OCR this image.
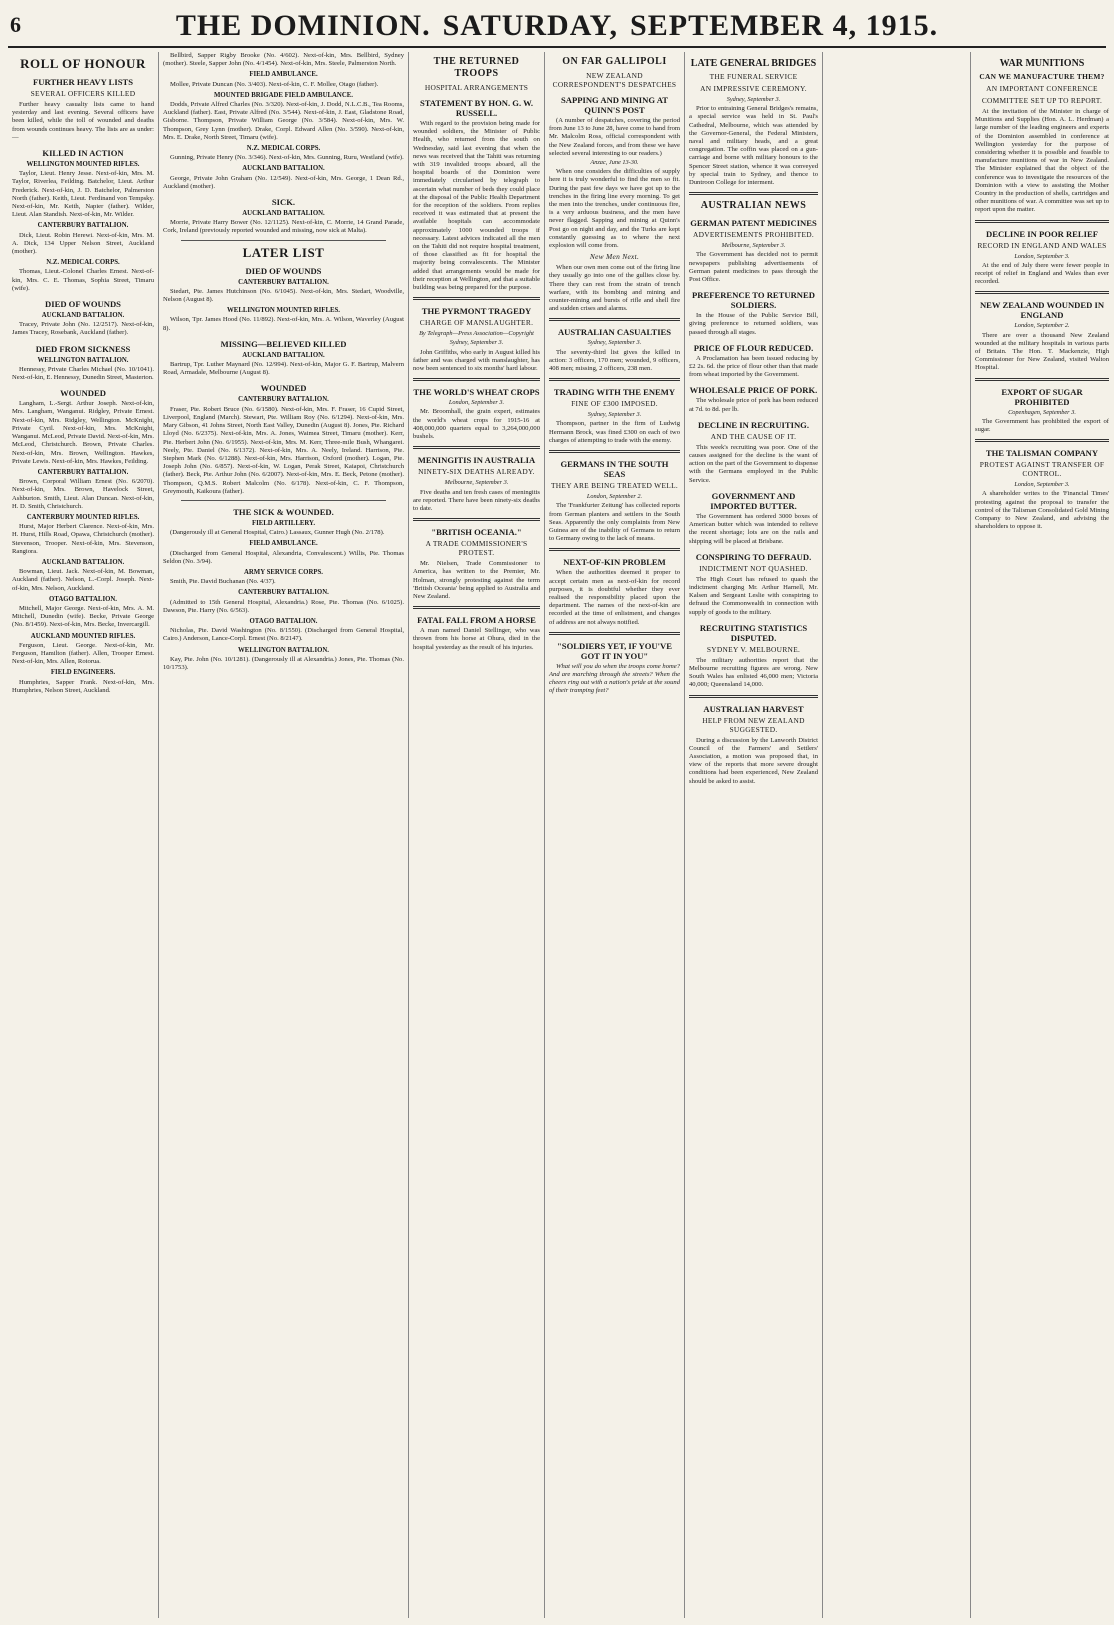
6	THE DOMINION. SATURDAY, SEPTEMBER 4, 1915.
ROLL OF HONOUR
FURTHER HEAVY LISTS
SEVERAL OFFICERS KILLED

Further heavy casualty lists came to hand yesterday and last evening. Several officers have been killed, while the toll of wounded and deaths from wounds continues heavy. The lists are as under:—

KILLED IN ACTION
WELLINGTON MOUNTED RIFLES.

Taylor, Lieut. Henry Jesse. Next-of-kin, Mrs. M. Taylor, Riverlea, Feilding. Batchelor, Lieut. Arthur Frederick. Next-of-kin, J. D. Batchelor, Palmerston North (father). Keith, Lieut. Ferdinand von Tempsky. Next-of-kin, Mr. Keith, Napier (father). Wilder, Lieut. Alan Standish. Next-of-kin, Mr. Wilder.

CANTERBURY BATTALION.

Dick, Lieut. Robin Herewi. Next-of-kin, Mrs. M. A. Dick, 134 Upper Nelson Street, Auckland (mother).

N.Z. MEDICAL CORPS.

Thomas, Lieut.-Colonel Charles Ernest. Next-of-kin, Mrs. C. E. Thomas, Sophia Street, Timaru (wife).

DIED OF WOUNDS
AUCKLAND BATTALION.

Tracey, Private John (No. 12/2517). Next-of-kin, James Tracey, Rosebank, Auckland (father).

DIED FROM SICKNESS
WELLINGTON BATTALION.

Hennessy, Private Charles Michael (No. 10/1041). Next-of-kin, E. Hennessy, Dunedin Street, Masterton.

WOUNDED

Langham, L.-Sergt. Arthur Joseph. Next-of-kin, Mrs. Langham, Wanganui. Ridgley, Private Ernest. Next-of-kin, Mrs. Ridgley, Wellington. McKnight, Private Cyril. Next-of-kin, Mrs. McKnight, Wanganui. McLeod, Private David. Next-of-kin, Mrs. McLeod, Christchurch. Brown, Private Charles. Next-of-kin, Mrs. Brown, Wellington. Hawkes, Private Lewis. Next-of-kin, Mrs. Hawkes, Feilding.

CANTERBURY BATTALION.

Brown, Corporal William Ernest (No. 6/2070). Next-of-kin, Mrs. Brown, Havelock Street, Ashburton. Smith, Lieut. Alan Duncan. Next-of-kin, H. D. Smith, Christchurch.

CANTERBURY MOUNTED RIFLES.

Hurst, Major Herbert Clarence. Next-of-kin, Mrs. H. Hurst, Hills Road, Opawa, Christchurch (mother). Stevenson, Trooper. Next-of-kin, Mrs. Stevenson, Rangiora.

AUCKLAND BATTALION.

Bowman, Lieut. Jack. Next-of-kin, M. Bowman, Auckland (father). Nelson, L.-Corpl. Joseph. Next-of-kin, Mrs. Nelson, Auckland.

OTAGO BATTALION.

Mitchell, Major George. Next-of-kin, Mrs. A. M. Mitchell, Dunedin (wife). Becke, Private George (No. 8/1459). Next-of-kin, Mrs. Becke, Invercargill.

AUCKLAND MOUNTED RIFLES.

Ferguson, Lieut. George. Next-of-kin, Mr. Ferguson, Hamilton (father). Allen, Trooper Ernest. Next-of-kin, Mrs. Allen, Rotorua.

FIELD ENGINEERS.

Humphries, Sapper Frank. Next-of-kin, Mrs. Humphries, Nelson Street, Auckland.

Bellbird, Sapper Rigby Brooke (No. 4/602). Next-of-kin, Mrs. Bellbird, Sydney (mother). Steele, Sapper John (No. 4/1454). Next-of-kin, Mrs. Steele, Palmerston North.

FIELD AMBULANCE.

Mollee, Private Duncan (No. 3/403). Next-of-kin, C. F. Mollee, Otago (father).

MOUNTED BRIGADE FIELD AMBULANCE.

Dodds, Private Alfred Charles (No. 3/320). Next-of-kin, J. Dodd, N.L.C.B., Tea Rooms, Auckland (father). East, Private Alfred (No. 3/544). Next-of-kin, J. East, Gladstone Road, Gisborne. Thompson, Private William George (No. 3/584). Next-of-kin, Mrs. W. Thompson, Grey Lynn (mother). Drake, Corpl. Edward Allen (No. 3/590). Next-of-kin, Mrs. E. Drake, North Street, Timaru (wife).

N.Z. MEDICAL CORPS.

Gunning, Private Henry (No. 3/346). Next-of-kin, Mrs. Gunning, Ruru, Westland (wife).

AUCKLAND BATTALION.

George, Private John Graham (No. 12/549). Next-of-kin, Mrs. George, 1 Dean Rd., Auckland (mother).

SICK.
AUCKLAND BATTALION.

Morrie, Private Harry Bower (No. 12/1125). Next-of-kin, C. Morrie, 14 Grand Parade, Cork, Ireland (previously reported wounded and missing, now sick at Malta).

LATER LIST
DIED OF WOUNDS
CANTERBURY BATTALION.

Stedart, Pte. James Hutchinson (No. 6/1045). Next-of-kin, Mrs. Stedart, Woodville, Nelson (August 8).

WELLINGTON MOUNTED RIFLES.

Wilson, Tpr. James Hood (No. 11/892). Next-of-kin, Mrs. A. Wilson, Waverley (August 8).

MISSING—BELIEVED KILLED
AUCKLAND BATTALION.

Bartrup, Tpr. Luther Maynard (No. 12/994). Next-of-kin, Major G. F. Bartrup, Malvern Road, Armadale, Melbourne (August 8).

WOUNDED
CANTERBURY BATTALION.

Fraser, Pte. Robert Bruce (No. 6/1580). Next-of-kin, Mrs. F. Fraser, 16 Cupid Street, Liverpool, England (March). Stewart, Pte. William Roy (No. 6/1294). Next-of-kin, Mrs. Mary Gibson, 41 Johns Street, North East Valley, Dunedin (August 8). Jones, Pte. Richard Lloyd (No. 6/2375). Next-of-kin, Mrs. A. Jones, Waimea Street, Timaru (mother). Kerr, Pte. Herbert John (No. 6/1955). Next-of-kin, Mrs. M. Kerr, Three-mile Bush, Whangarei. Neely, Pte. Daniel (No. 6/1372). Next-of-kin, Mrs. A. Neely, Ireland. Harrison, Pte. Stephen Mark (No. 6/1288). Next-of-kin, Mrs. Harrison, Oxford (mother). Logan, Pte. Joseph John (No. 6/857). Next-of-kin, W. Logan, Perak Street, Kaiapoi, Christchurch (father). Beck, Pte. Arthur John (No. 6/2007). Next-of-kin, Mrs. E. Beck, Petone (mother). Thompson, Q.M.S. Robert Malcolm (No. 6/178). Next-of-kin, C. F. Thompson, Greymouth, Kaikoura (father).

THE SICK & WOUNDED.
FIELD ARTILLERY.

(Dangerously ill at General Hospital, Cairo.) Lassaux, Gunner Hugh (No. 2/178).

FIELD AMBULANCE.

(Discharged from General Hospital, Alexandria, Convalescent.) Willis, Pte. Thomas Seldon (No. 3/94).

ARMY SERVICE CORPS.

Smith, Pte. David Buchanan (No. 4/37).

CANTERBURY BATTALION.

(Admitted to 15th General Hospital, Alexandria.) Rose, Pte. Thomas (No. 6/1025). Dawson, Pte. Harry (No. 6/563).

OTAGO BATTALION.

Nicholas, Pte. David Washington (No. 8/1550). (Discharged from General Hospital, Cairo.) Anderson, Lance-Corpl. Ernest (No. 8/2147).

WELLINGTON BATTALION.

Kay, Pte. John (No. 10/1281). (Dangerously ill at Alexandria.) Jones, Pte. Thomas (No. 10/1753).

THE RETURNED TROOPS
HOSPITAL ARRANGEMENTS
STATEMENT BY HON. G. W. RUSSELL.

With regard to the provision being made for wounded soldiers, the Minister of Public Health, who returned from the south on Wednesday, said last evening that when the news was received that the Tahiti was returning with 319 invalided troops aboard, all the hospital boards of the Dominion were immediately circularised by telegraph to ascertain what number of beds they could place at the disposal of the Public Health Department for the reception of the soldiers. From replies received it was estimated that at present the available hospitals can accommodate approximately 1000 wounded troops if necessary. Latest advices indicated all the men on the Tahiti did not require hospital treatment, of those classified as fit for hospital the majority being convalescents. The Minister added that arrangements would be made for their reception at Wellington, and that a suitable building was being prepared for the purpose.

THE PYRMONT TRAGEDY
CHARGE OF MANSLAUGHTER.
By Telegraph—Press Association—Copyright
Sydney, September 3.

John Griffiths, who early in August killed his father and was charged with manslaughter, has now been sentenced to six months' hard labour.

THE WORLD'S WHEAT CROPS
London, September 3.

Mr. Broomhall, the grain expert, estimates the world's wheat crops for 1915-16 at 408,000,000 quarters equal to 3,264,000,000 bushels.

MENINGITIS IN AUSTRALIA
NINETY-SIX DEATHS ALREADY.
Melbourne, September 3.

Five deaths and ten fresh cases of meningitis are reported. There have been ninety-six deaths to date.

"BRITISH OCEANIA."
A TRADE COMMISSIONER'S PROTEST.

Mr. Nielsen, Trade Commissioner to America, has written to the Premier, Mr. Holman, strongly protesting against the term 'British Oceania' being applied to Australia and New Zealand.

FATAL FALL FROM A HORSE

A man named Daniel Stellinger, who was thrown from his horse at Ohura, died in the hospital yesterday as the result of his injuries.

ON FAR GALLIPOLI
NEW ZEALAND CORRESPONDENT'S DESPATCHES
SAPPING AND MINING AT QUINN'S POST

(A number of despatches, covering the period from June 13 to June 28, have come to hand from Mr. Malcolm Ross, official correspondent with the New Zealand forces, and from these we have selected several interesting to our readers.)

Anzac, June 13-30.

When one considers the difficulties of supply here it is truly wonderful to find the men so fit. During the past few days we have got up to the trenches in the firing line every morning. To get the men into the trenches, under continuous fire, is a very arduous business, and the men have never flagged. Sapping and mining at Quinn's Post go on night and day, and the Turks are kept constantly guessing as to where the next explosion will come from.

New Men Next.

When our own men come out of the firing line they usually go into one of the gullies close by. There they can rest from the strain of trench warfare, with its bombing and mining and counter-mining and bursts of rifle and shell fire and sudden crises and alarms.

AUSTRALIAN CASUALTIES
Sydney, September 3.

The seventy-third list gives the killed in action: 3 officers, 170 men; wounded, 9 officers, 408 men; missing, 2 officers, 238 men.

TRADING WITH THE ENEMY
FINE OF £300 IMPOSED.
Sydney, September 3.

Thompson, partner in the firm of Ludwig Hermann Brock, was fined £300 on each of two charges of attempting to trade with the enemy.

GERMANS IN THE SOUTH SEAS
THEY ARE BEING TREATED WELL.
London, September 2.

The 'Frankfurter Zeitung' has collected reports from German planters and settlers in the South Seas. Apparently the only complaints from New Guinea are of the inability of Germans to return to Germany owing to the lack of means.

NEXT-OF-KIN PROBLEM

When the authorities deemed it proper to accept certain men as next-of-kin for record purposes, it is doubtful whether they ever realised the responsibility placed upon the department. The names of the next-of-kin are recorded at the time of enlistment, and changes of address are not always notified.

"SOLDIERS YET, IF YOU'VE GOT IT IN YOU"

What will you do when the troops come home? And are marching through the streets? When the cheers ring out with a nation's pride at the sound of their tramping feet?

LATE GENERAL BRIDGES
THE FUNERAL SERVICE
AN IMPRESSIVE CEREMONY.
Sydney, September 3.

Prior to entraining General Bridges's remains, a special service was held in St. Paul's Cathedral, Melbourne, which was attended by the Governor-General, the Federal Ministers, naval and military heads, and a great congregation. The coffin was placed on a gun-carriage and borne with military honours to the Spencer Street station, whence it was conveyed by special train to Sydney, and thence to Duntroon College for interment.

AUSTRALIAN NEWS
GERMAN PATENT MEDICINES
ADVERTISEMENTS PROHIBITED.
Melbourne, September 3.

The Government has decided not to permit newspapers publishing advertisements of German patent medicines to pass through the Post Office.

PREFERENCE TO RETURNED SOLDIERS.

In the House of the Public Service Bill, giving preference to returned soldiers, was passed through all stages.

PRICE OF FLOUR REDUCED.

A Proclamation has been issued reducing by £2 2s. 6d. the price of flour other than that made from wheat imported by the Government.

WHOLESALE PRICE OF PORK.

The wholesale price of pork has been reduced at 7d. to 8d. per lb.

DECLINE IN RECRUITING.
AND THE CAUSE OF IT.

This week's recruiting was poor. One of the causes assigned for the decline is the want of action on the part of the Government to dispense with the Germans employed in the Public Service.

GOVERNMENT AND IMPORTED BUTTER.

The Government has ordered 3000 boxes of American butter which was intended to relieve the recent shortage; lots are on the rails and shipping will be placed at Brisbane.

CONSPIRING TO DEFRAUD.
INDICTMENT NOT QUASHED.

The High Court has refused to quash the indictment charging Mr. Arthur Harnell, Mr. Kalsen and Sergeant Leslie with conspiring to defraud the Commonwealth in connection with supply of goods to the military.

RECRUITING STATISTICS DISPUTED.
SYDNEY V. MELBOURNE.

The military authorities report that the Melbourne recruiting figures are wrong. New South Wales has enlisted 46,000 men; Victoria 40,000; Queensland 14,000.

AUSTRALIAN HARVEST
HELP FROM NEW ZEALAND SUGGESTED.

During a discussion by the Lanworth District Council of the Farmers' and Settlers' Association, a motion was proposed that, in view of the reports that more severe drought conditions had been experienced, New Zealand should be asked to assist.

WAR MUNITIONS
CAN WE MANUFACTURE THEM?
AN IMPORTANT CONFERENCE
COMMITTEE SET UP TO REPORT.

At the invitation of the Minister in charge of Munitions and Supplies (Hon. A. L. Herdman) a large number of the leading engineers and experts of the Dominion assembled in conference at Wellington yesterday for the purpose of considering whether it is possible and feasible to manufacture munitions of war in New Zealand. The Minister explained that the object of the conference was to investigate the resources of the Dominion with a view to assisting the Mother Country in the production of shells, cartridges and other munitions of war. A committee was set up to report upon the matter.

DECLINE IN POOR RELIEF
RECORD IN ENGLAND AND WALES
London, September 3.

At the end of July there were fewer people in receipt of relief in England and Wales than ever recorded.

NEW ZEALAND WOUNDED IN ENGLAND
London, September 2.

There are over a thousand New Zealand wounded at the military hospitals in various parts of Britain. The Hon. T. Mackenzie, High Commissioner for New Zealand, visited Walton Hospital.

EXPORT OF SUGAR PROHIBITED
Copenhagen, September 3.

The Government has prohibited the export of sugar.

THE TALISMAN COMPANY
PROTEST AGAINST TRANSFER OF CONTROL.
London, September 3.

A shareholder writes to the 'Financial Times' protesting against the proposal to transfer the control of the Talisman Consolidated Gold Mining Company to New Zealand, and advising the shareholders to oppose it.
